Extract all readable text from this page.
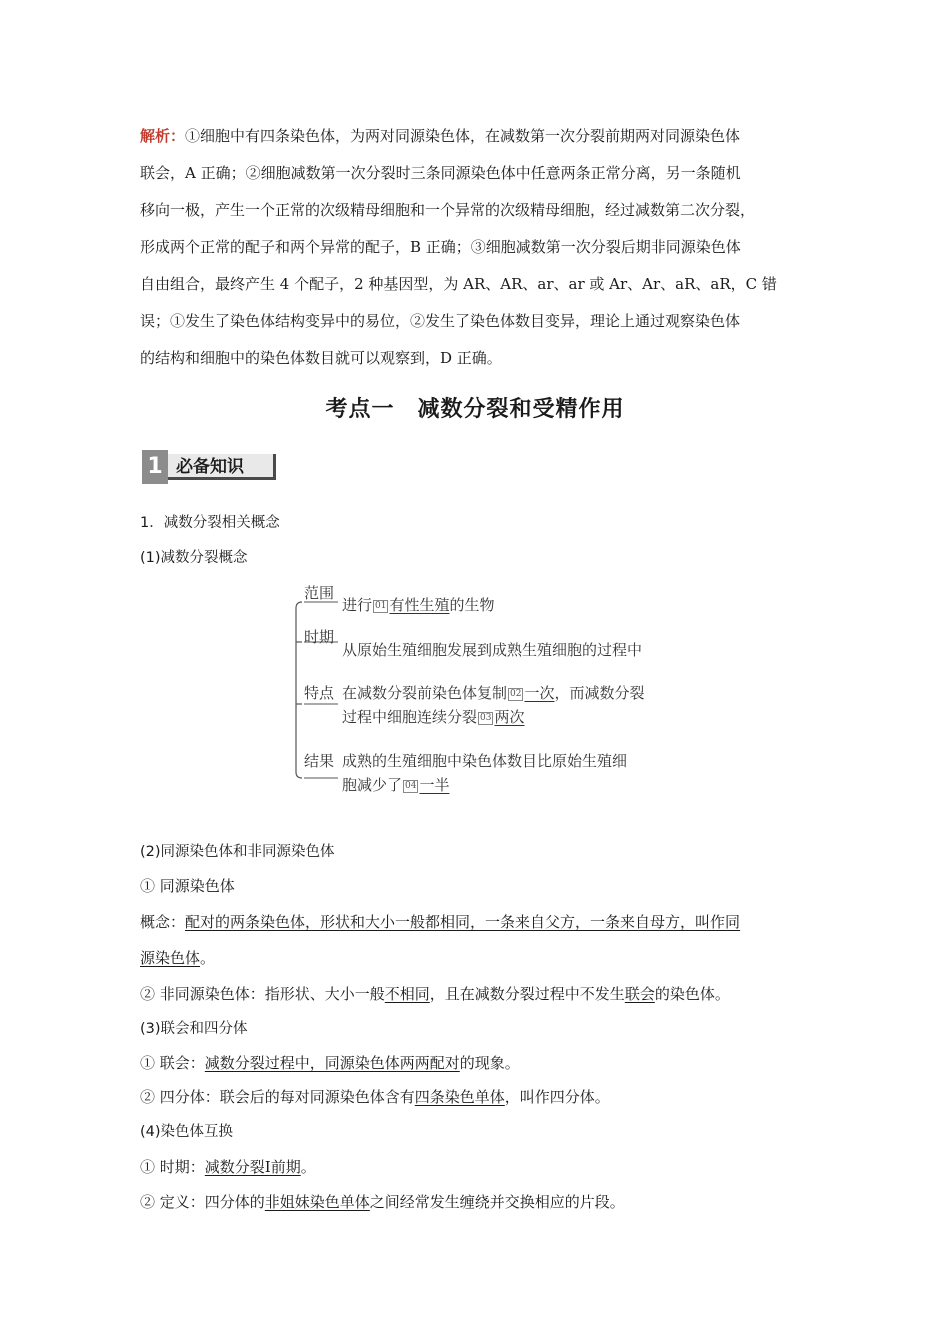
解析：①细胞中有四条染色体，为两对同源染色体，在减数第一次分裂前期两对同源染色体
联会，A 正确；②细胞减数第一次分裂时三条同源染色体中任意两条正常分离，另一条随机
移向一极，产生一个正常的次级精母细胞和一个异常的次级精母细胞，经过减数第二次分裂，
形成两个正常的配子和两个异常的配子，B 正确；③细胞减数第一次分裂后期非同源染色体
自由组合，最终产生 4 个配子，2 种基因型，为 AR、AR、ar、ar 或 Ar、Ar、aR、aR，C 错
误；①发生了染色体结构变异中的易位，②发生了染色体数目变异，理论上通过观察染色体
的结构和细胞中的染色体数目就可以观察到，D 正确。
考点一　减数分裂和受精作用
1 必备知识
1．减数分裂相关概念
(1)减数分裂概念
范围
进行 01 有性生殖的生物
时期
从原始生殖细胞发展到成熟生殖细胞的过程中
特点 在减数分裂前染色体复制 02 一次，而减数分裂
过程中细胞连续分裂 03 两次
结果 成熟的生殖细胞中染色体数目比原始生殖细
胞减少了 04 一半
(2)同源染色体和非同源染色体
① 同源染色体
概念：配对的两条染色体，形状和大小一般都相同，一条来自父方，一条来自母方，叫作同
源染色体。
② 非同源染色体：指形状、大小一般不相同，且在减数分裂过程中不发生联会的染色体。
(3)联会和四分体
① 联会：减数分裂过程中，同源染色体两两配对的现象。
② 四分体：联会后的每对同源染色体含有四条染色单体，叫作四分体。
(4)染色体互换
① 时期：减数分裂Ⅰ前期。
② 定义：四分体的非姐妹染色单体之间经常发生缠绕并交换相应的片段。
